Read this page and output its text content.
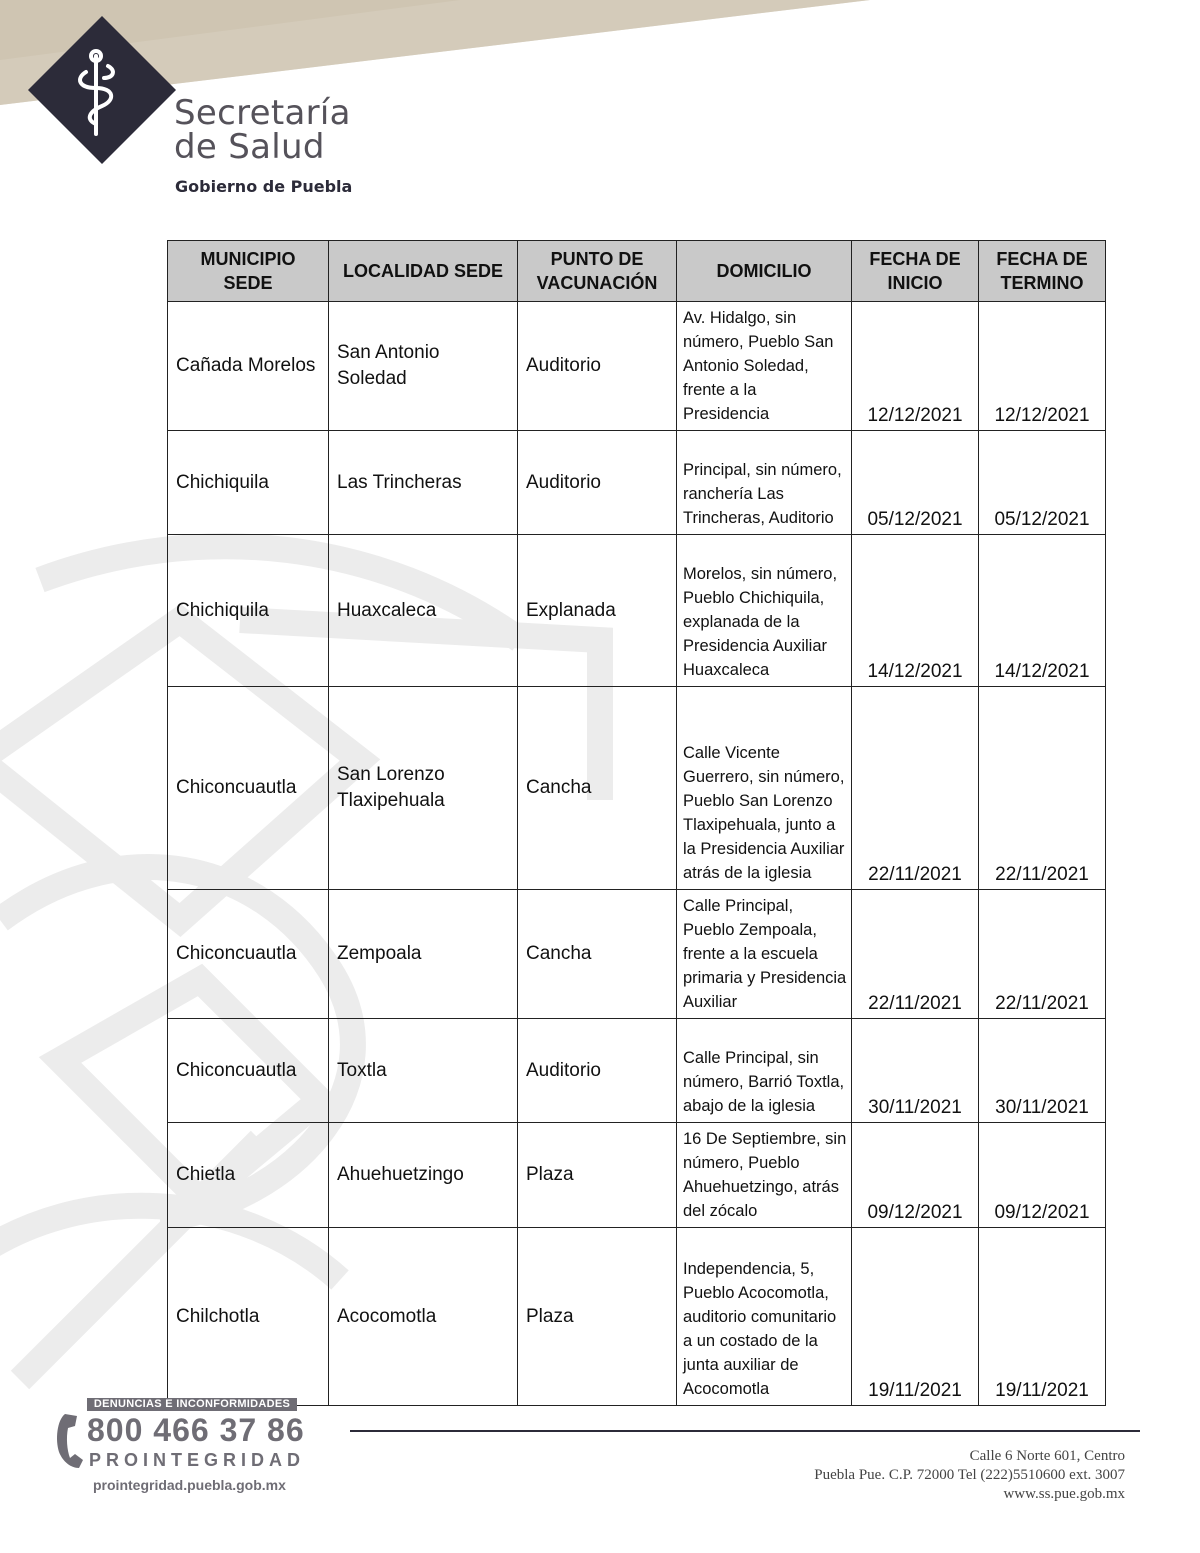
Secretaría
de Salud
Gobierno de Puebla
MUNICIPIO SEDE	LOCALIDAD SEDE	PUNTO DE VACUNACIÓN	DOMICILIO	FECHA DE INICIO	FECHA DE TERMINO
Cañada Morelos	San Antonio Soledad	Auditorio	Av. Hidalgo, sin número, Pueblo San Antonio Soledad, frente a la Presidencia	12/12/2021	12/12/2021
Chichiquila	Las Trincheras	Auditorio	Principal, sin número, ranchería Las Trincheras, Auditorio	05/12/2021	05/12/2021
Chichiquila	Huaxcaleca	Explanada	Morelos, sin número, Pueblo Chichiquila, explanada de la Presidencia Auxiliar Huaxcaleca	14/12/2021	14/12/2021
Chiconcuautla	San Lorenzo Tlaxipehuala	Cancha	Calle Vicente Guerrero, sin número, Pueblo San Lorenzo Tlaxipehuala, junto a la Presidencia Auxiliar atrás de la iglesia	22/11/2021	22/11/2021
Chiconcuautla	Zempoala	Cancha	Calle Principal, Pueblo Zempoala, frente a la escuela primaria y Presidencia Auxiliar	22/11/2021	22/11/2021
Chiconcuautla	Toxtla	Auditorio	Calle Principal, sin número, Barrió Toxtla, abajo de la iglesia	30/11/2021	30/11/2021
Chietla	Ahuehuetzingo	Plaza	16 De Septiembre, sin número, Pueblo Ahuehuetzingo, atrás del zócalo	09/12/2021	09/12/2021
Chilchotla	Acocomotla	Plaza	Independencia, 5, Pueblo Acocomotla, auditorio comunitario a un costado de la junta auxiliar de Acocomotla	19/11/2021	19/11/2021
DENUNCIAS E INCONFORMIDADES
800 466 37 86
PROINTEGRIDAD
prointegridad.puebla.gob.mx
Calle 6 Norte 601, Centro
Puebla Pue. C.P. 72000 Tel (222)5510600 ext. 3007
www.ss.pue.gob.mx
